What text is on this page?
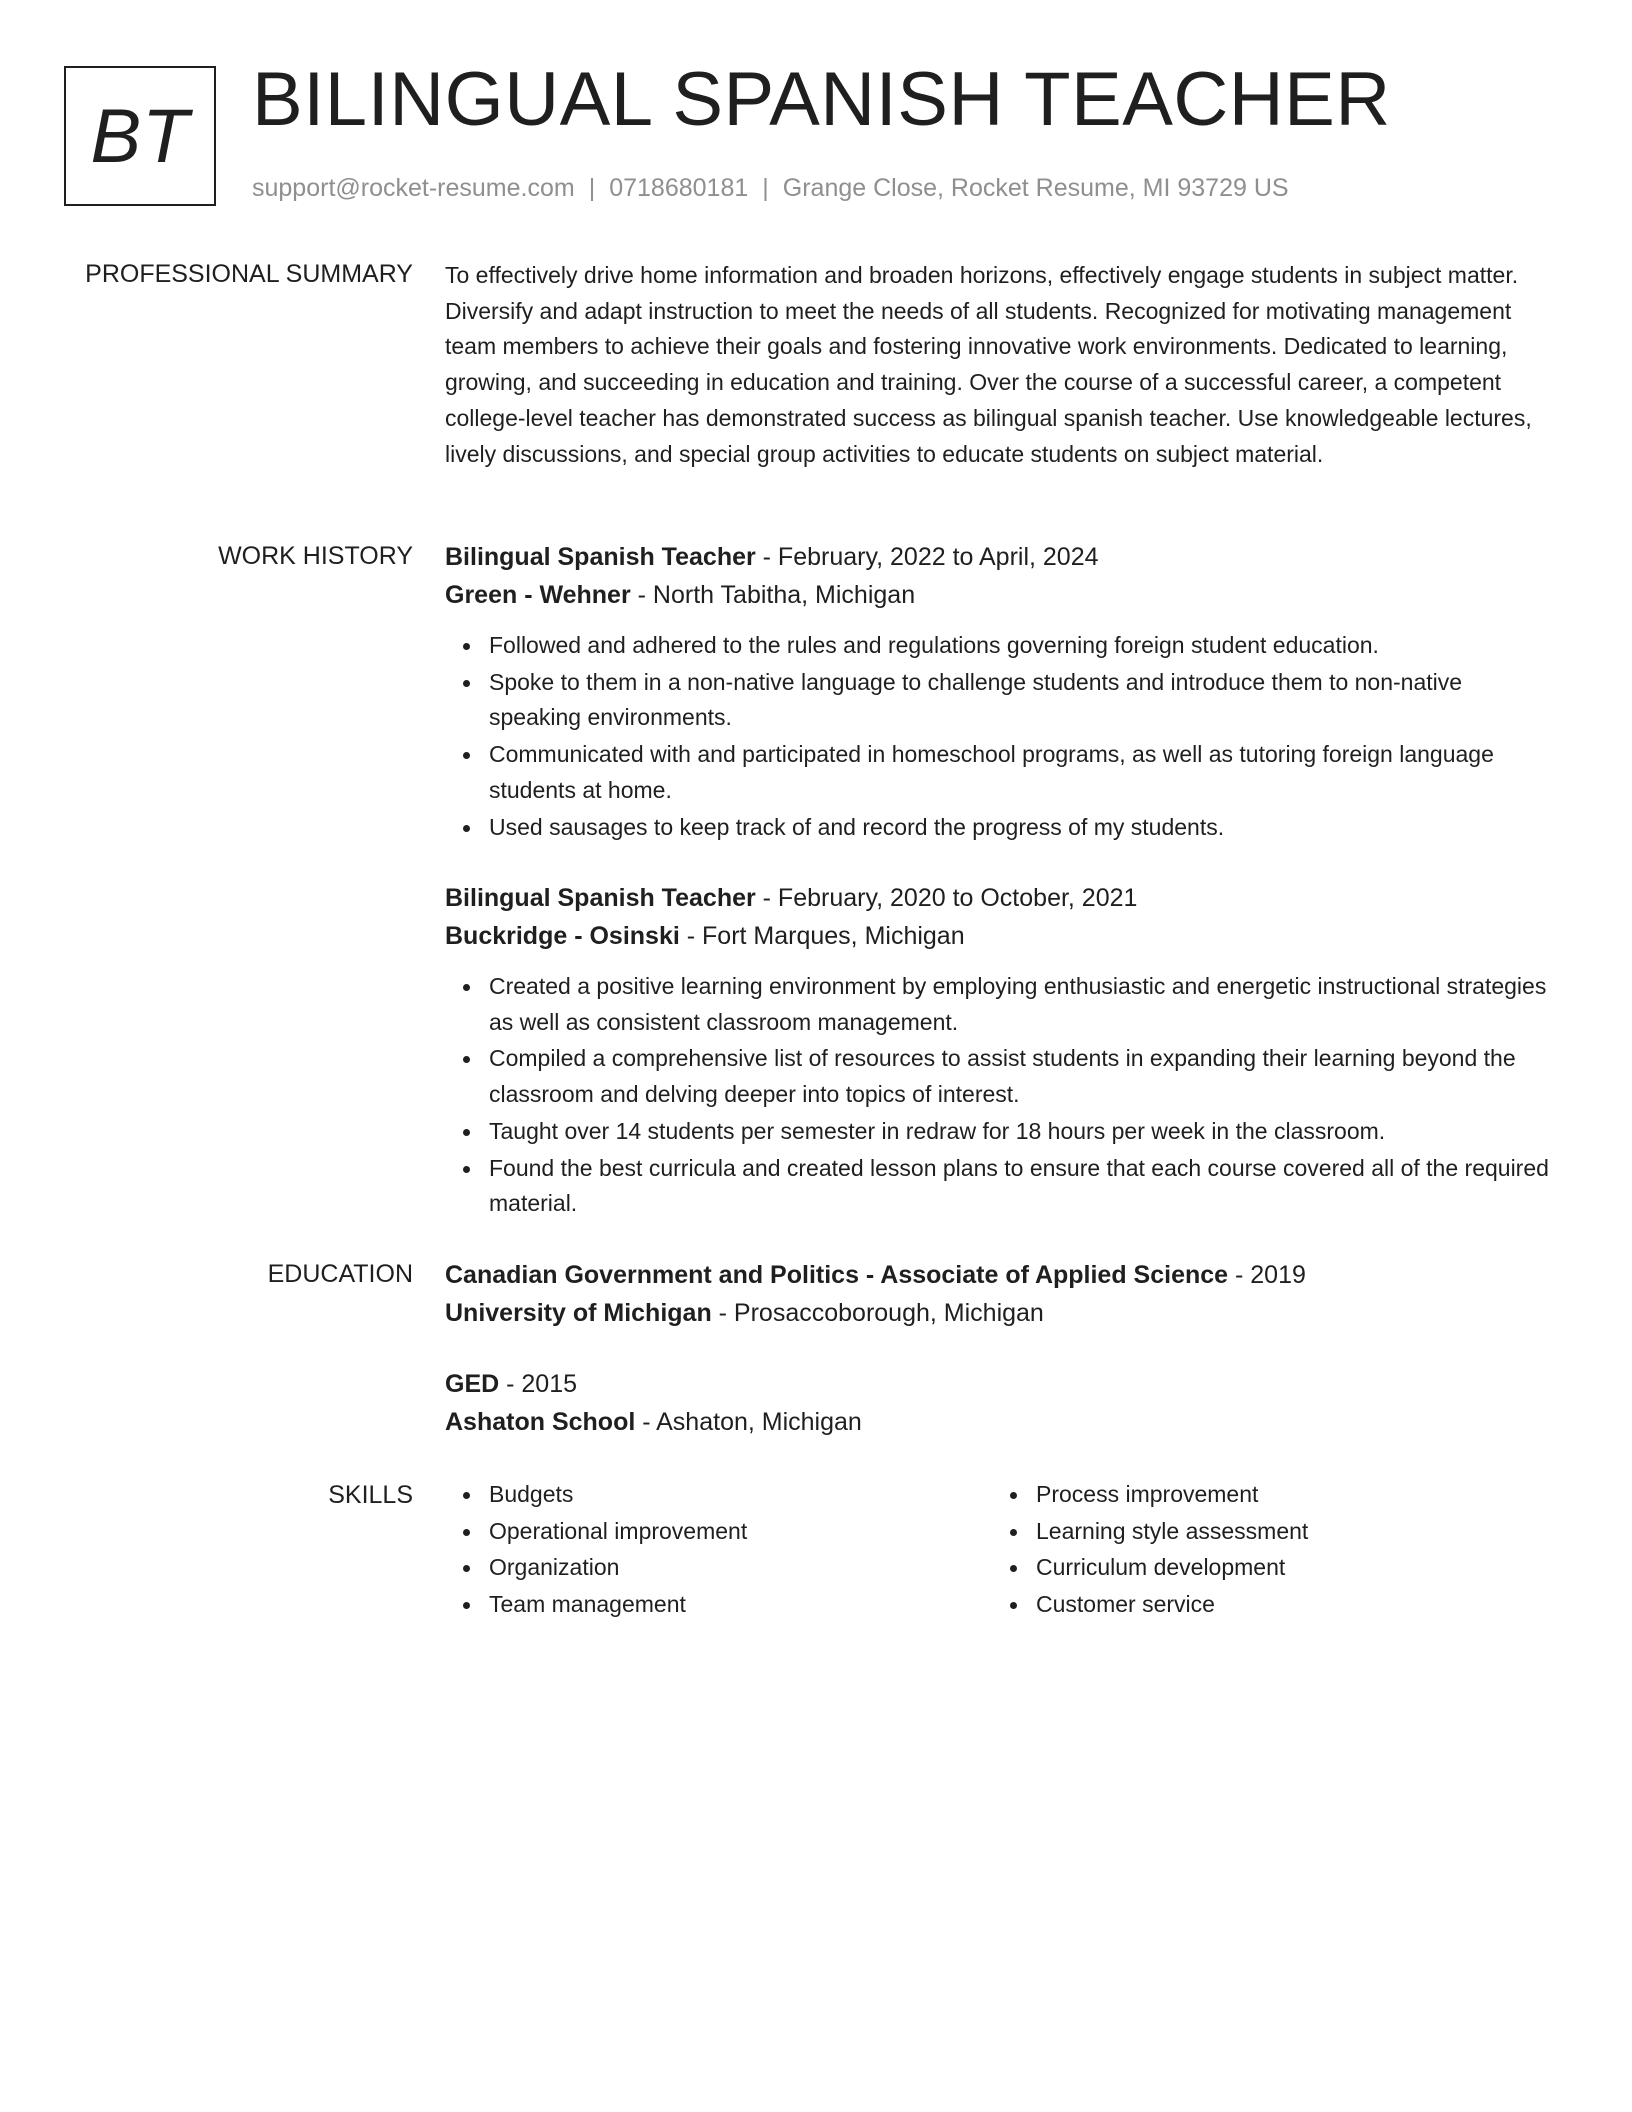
BT BILINGUAL SPANISH TEACHER
support@rocket-resume.com | 0718680181 | Grange Close, Rocket Resume, MI 93729 US
PROFESSIONAL SUMMARY To effectively drive home information and broaden horizons, effectively engage students in subject matter. Diversify and adapt instruction to meet the needs of all students. Recognized for motivating management team members to achieve their goals and fostering innovative work environments. Dedicated to learning, growing, and succeeding in education and training. Over the course of a successful career, a competent college-level teacher has demonstrated success as bilingual spanish teacher. Use knowledgeable lectures, lively discussions, and special group activities to educate students on subject material.

WORK HISTORY Bilingual Spanish Teacher - February, 2022 to April, 2024
Green - Wehner - North Tabitha, Michigan
Followed and adhered to the rules and regulations governing foreign student education.
Spoke to them in a non-native language to challenge students and introduce them to non-native speaking environments.
Communicated with and participated in homeschool programs, as well as tutoring foreign language students at home.
Used sausages to keep track of and record the progress of my students.
Bilingual Spanish Teacher - February, 2020 to October, 2021
Buckridge - Osinski - Fort Marques, Michigan
Created a positive learning environment by employing enthusiastic and energetic instructional strategies as well as consistent classroom management.
Compiled a comprehensive list of resources to assist students in expanding their learning beyond the classroom and delving deeper into topics of interest.
Taught over 14 students per semester in redraw for 18 hours per week in the classroom.
Found the best curricula and created lesson plans to ensure that each course covered all of the required material.
EDUCATION Canadian Government and Politics - Associate of Applied Science - 2019
University of Michigan - Prosaccoborough, Michigan
GED - 2015
Ashaton School - Ashaton, Michigan
SKILLS	Budgets
Operational improvement
Organization
Team management
Process improvement
Learning style assessment
Curriculum development
Customer service
